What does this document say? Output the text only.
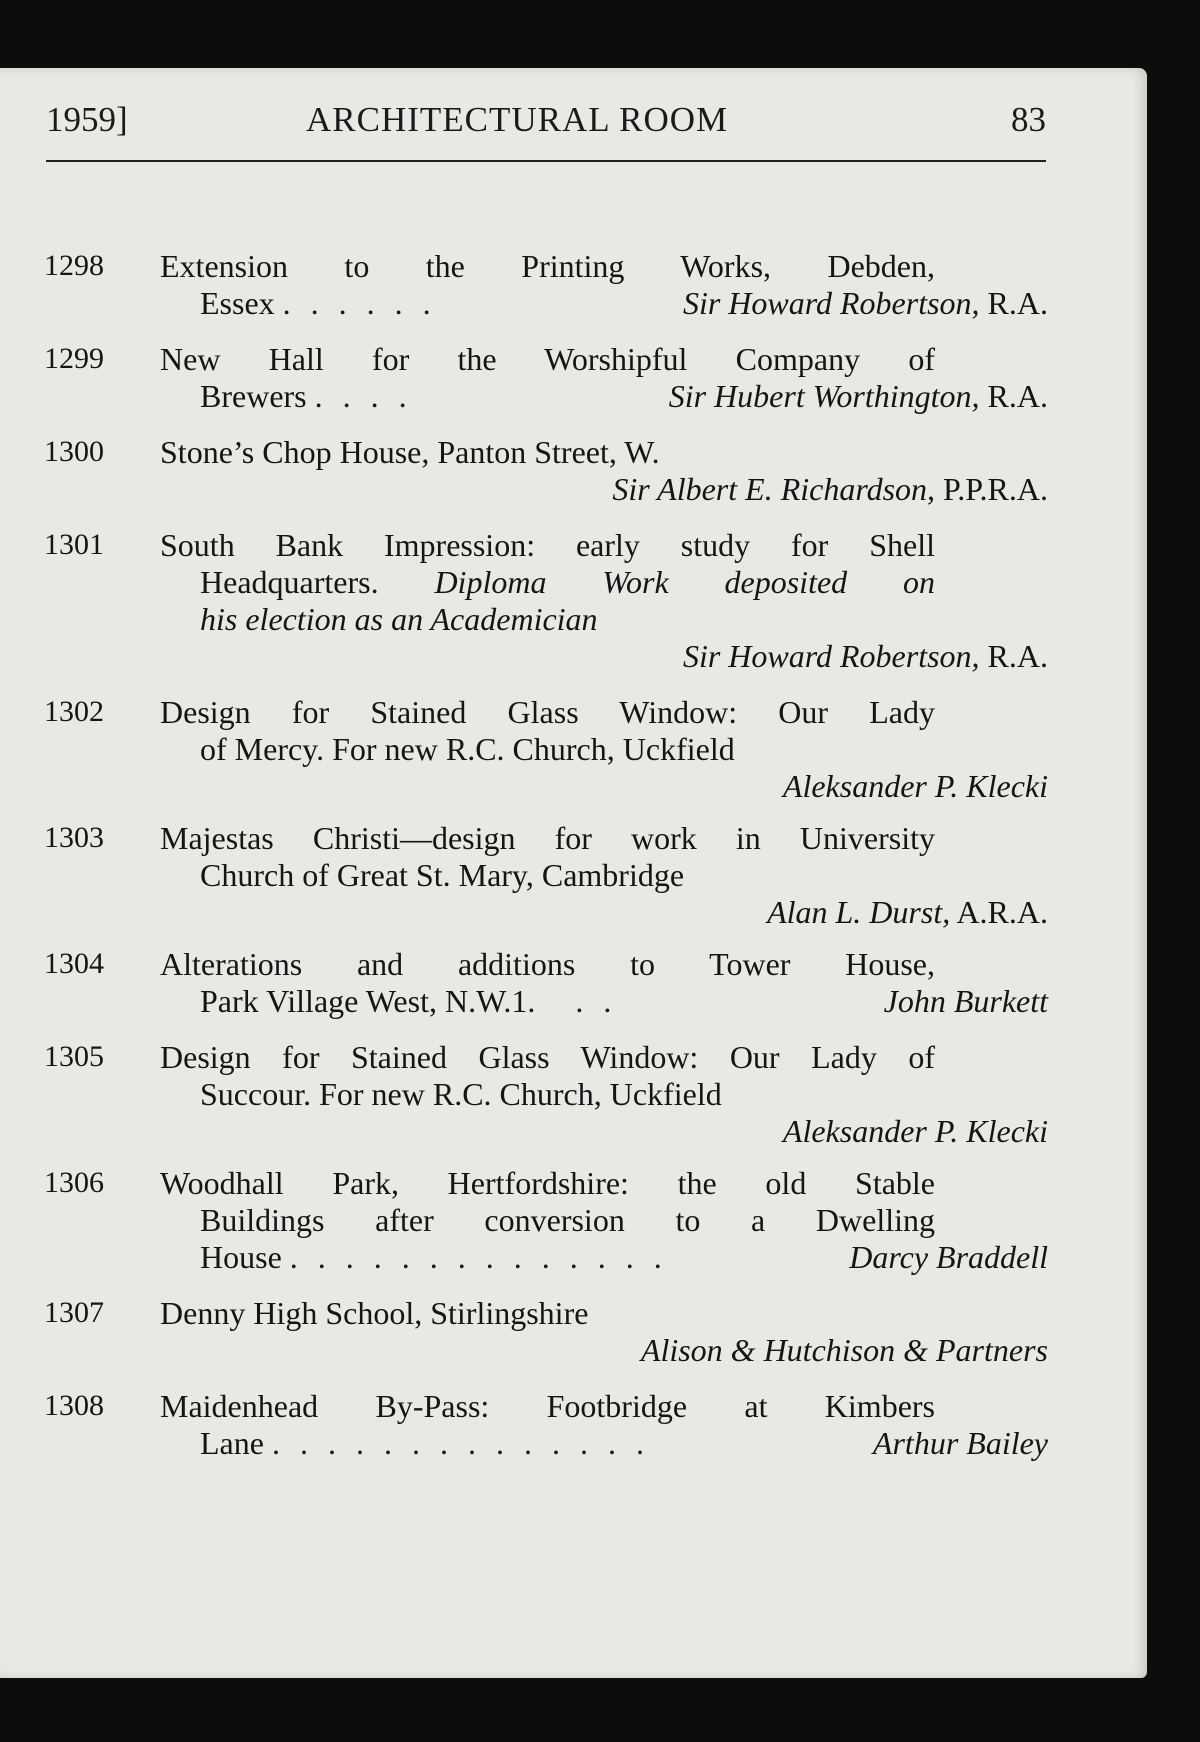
1959]	ARCHITECTURAL ROOM	83
1298 Extension to the Printing Works, Debden,
Essex . . . . . .	Sir Howard Robertson, R.A.
1299 New Hall for the Worshipful Company of
Brewers . . . .	Sir Hubert Worthington, R.A.
1300 Stone’s Chop House, Panton Street, W.
Sir Albert E. Richardson, P.P.R.A.
1301 South Bank Impression: early study for Shell
Headquarters. Diploma Work deposited on
his election as an Academician
Sir Howard Robertson, R.A.
1302 Design for Stained Glass Window: Our Lady
of Mercy. For new R.C. Church, Uckfield
Aleksander P. Klecki
1303 Majestas Christi—design for work in University
Church of Great St. Mary, Cambridge
Alan L. Durst, A.R.A.
1304 Alterations and additions to Tower House,
Park Village West, N.W.1. . .	John Burkett
1305 Design for Stained Glass Window: Our Lady of
Succour. For new R.C. Church, Uckfield
Aleksander P. Klecki
1306 Woodhall Park, Hertfordshire: the old Stable
Buildings after conversion to a Dwelling
House . . . . . . . . . . . . . .	Darcy Braddell
1307 Denny High School, Stirlingshire
Alison & Hutchison & Partners
1308 Maidenhead By-Pass: Footbridge at Kimbers
Lane . . . . . . . . . . . . . .	Arthur Bailey
